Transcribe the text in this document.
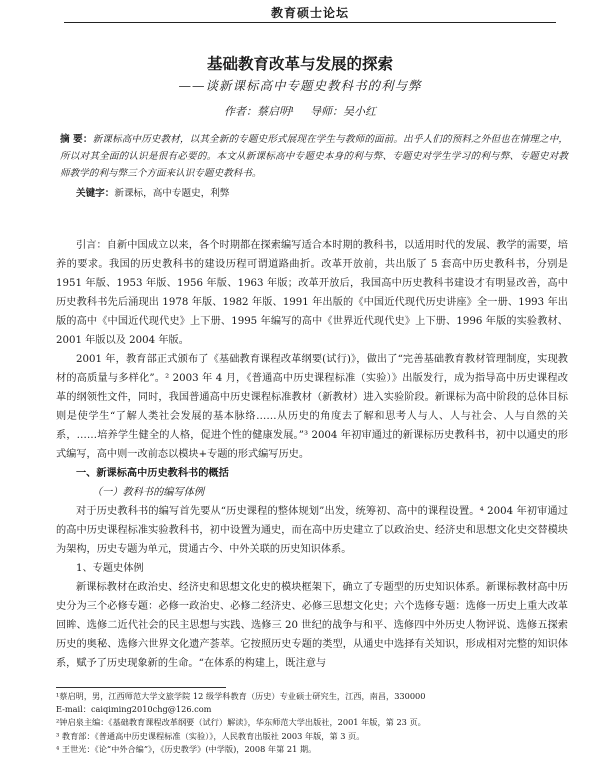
教育硕士论坛
基础教育改革与发展的探索
——谈新课标高中专题史教科书的利与弊
作者：蔡启明¹ 导师：吴小红
摘 要：新课标高中历史教材，以其全新的专题史形式展现在学生与教师的面前。出乎人们的预料之外但也在情理之中，所以对其全面的认识是很有必要的。本文从新课标高中专题史本身的利与弊、专题史对学生学习的利与弊、专题史对教师教学的利与弊三个方面来认识专题史教科书。
关键字：新课标，高中专题史，利弊

引言：自新中国成立以来，各个时期都在探索编写适合本时期的教科书，以适用时代的发展、教学的需要，培养的要求。我国的历史教科书的建设历程可谓道路曲折。改革开放前，共出版了 5 套高中历史教科书，分别是 1951 年版、1953 年版、1956 年版、1963 年版；改革开放后，我国高中历史教科书建设才有明显改善，高中历史教科书先后涌现出 1978 年版、1982 年版、1991 年出版的《中国近代现代历史讲座》全一册、1993 年出版的高中《中国近代现代史》上下册、1995 年编写的高中《世界近代现代史》上下册、1996 年版的实验教材、2001 年版以及 2004 年版。

2001 年，教育部正式颁布了《基础教育课程改革纲要(试行)》，做出了“完善基础教育教材管理制度，实现教材的高质量与多样化”。² 2003 年 4 月，《普通高中历史课程标准（实验）》出版发行，成为指导高中历史课程改革的纲领性文件，同时，我国普通高中历史课程标准教材（新教材）进入实验阶段。新课标为高中阶段的总体目标则是使学生“了解人类社会发展的基本脉络……从历史的角度去了解和思考人与人、人与社会、人与自然的关系，……培养学生健全的人格，促进个性的健康发展。”³ 2004 年初审通过的新课标历史教科书，初中以通史的形式编写，高中则一改前态以模块+专题的形式编写历史。

一、新课标高中历史教科书的概括
（一）教科书的编写体例

对于历史教科书的编写首先要从“历史课程的整体规划”出发，统筹初、高中的课程设置。⁴ 2004 年初审通过的高中历史课程标准实验教科书，初中设置为通史，而在高中历史建立了以政治史、经济史和思想文化史交替模块为架构，历史专题为单元，贯通古今、中外关联的历史知识体系。

1、专题史体例

新课标教材在政治史、经济史和思想文化史的模块框架下，确立了专题型的历史知识体系。新课标教材高中历史分为三个必修专题：必修一政治史、必修二经济史、必修三思想文化史；六个选修专题：选修一历史上重大改革回眸、选修二近代社会的民主思想与实践、选修三 20 世纪的战争与和平、选修四中外历史人物评说、选修五探索历史的奥秘、选修六世界文化遗产荟萃。它按照历史专题的类型，从通史中选择有关知识，形成相对完整的知识体系，赋予了历史现象新的生命。“在体系的构建上，既注意与

¹蔡启明，男，江西师范大学文旅学院 12 级学科教育（历史）专业硕士研究生，江西，南昌，330000
E-mail：caiqiming2010chg@126.com
²钟启泉主编：《基础教育课程改革纲要（试行）解读》，华东师范大学出版社，2001 年版，第 23 页。
³ 教育部：《普通高中历史课程标准（实验）》，人民教育出版社 2003 年版，第 3 页。
⁴ 王世光：《论“中外合编”》，《历史教学》(中学版)，2008 年第 21 期。
